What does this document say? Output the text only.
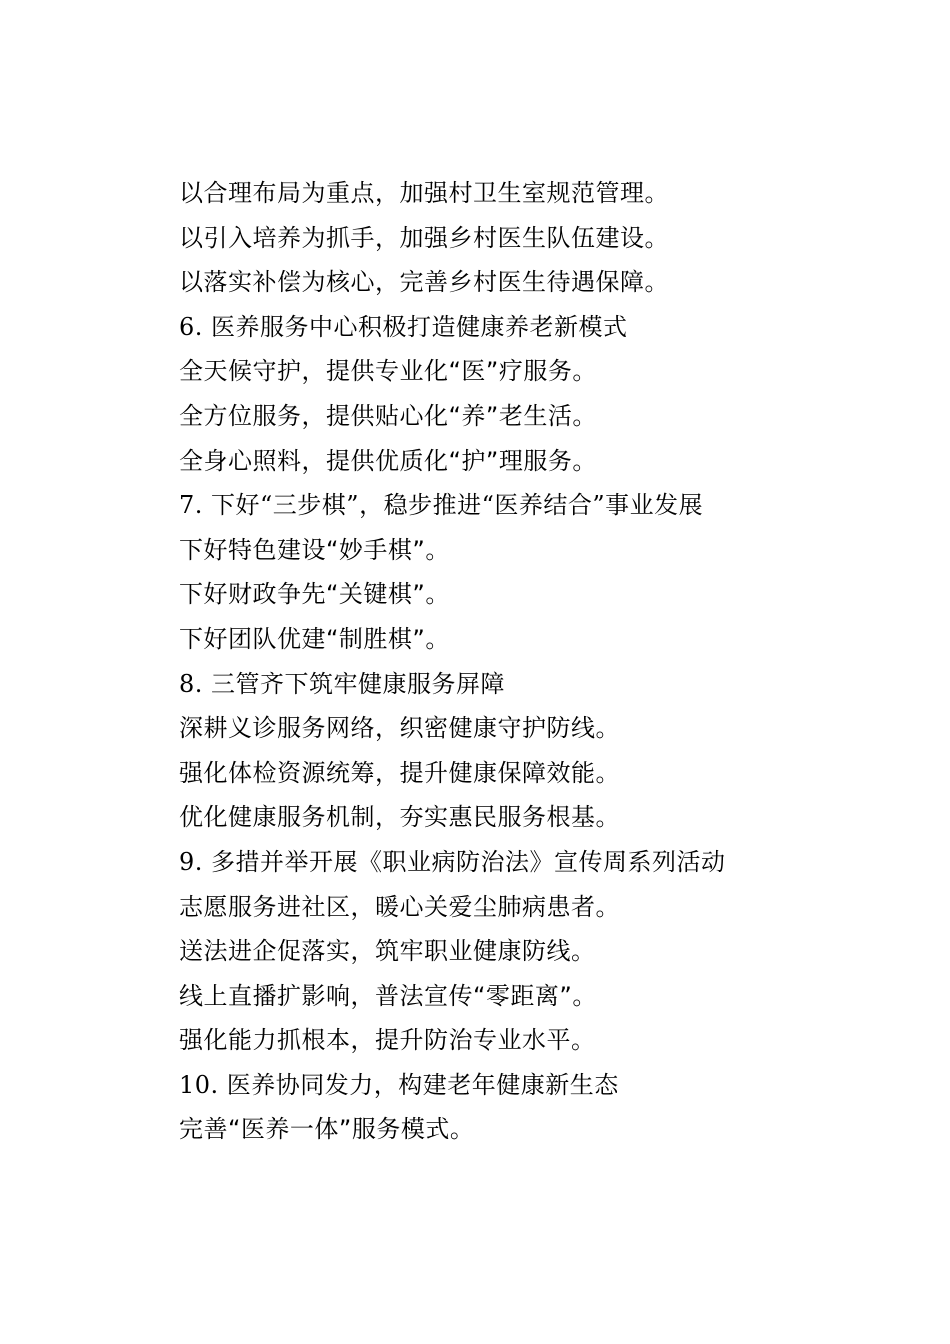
以合理布局为重点，加强村卫生室规范管理。
以引入培养为抓手，加强乡村医生队伍建设。
以落实补偿为核心，完善乡村医生待遇保障。
6. 医养服务中心积极打造健康养老新模式
全天候守护，提供专业化“医”疗服务。
全方位服务，提供贴心化“养”老生活。
全身心照料，提供优质化“护”理服务。
7. 下好“三步棋”，稳步推进“医养结合”事业发展
下好特色建设“妙手棋”。
下好财政争先“关键棋”。
下好团队优建“制胜棋”。
8. 三管齐下筑牢健康服务屏障
深耕义诊服务网络，织密健康守护防线。
强化体检资源统筹，提升健康保障效能。
优化健康服务机制，夯实惠民服务根基。
9. 多措并举开展《职业病防治法》宣传周系列活动
志愿服务进社区，暖心关爱尘肺病患者。
送法进企促落实，筑牢职业健康防线。
线上直播扩影响，普法宣传“零距离”。
强化能力抓根本，提升防治专业水平。
10. 医养协同发力，构建老年健康新生态
完善“医养一体”服务模式。
